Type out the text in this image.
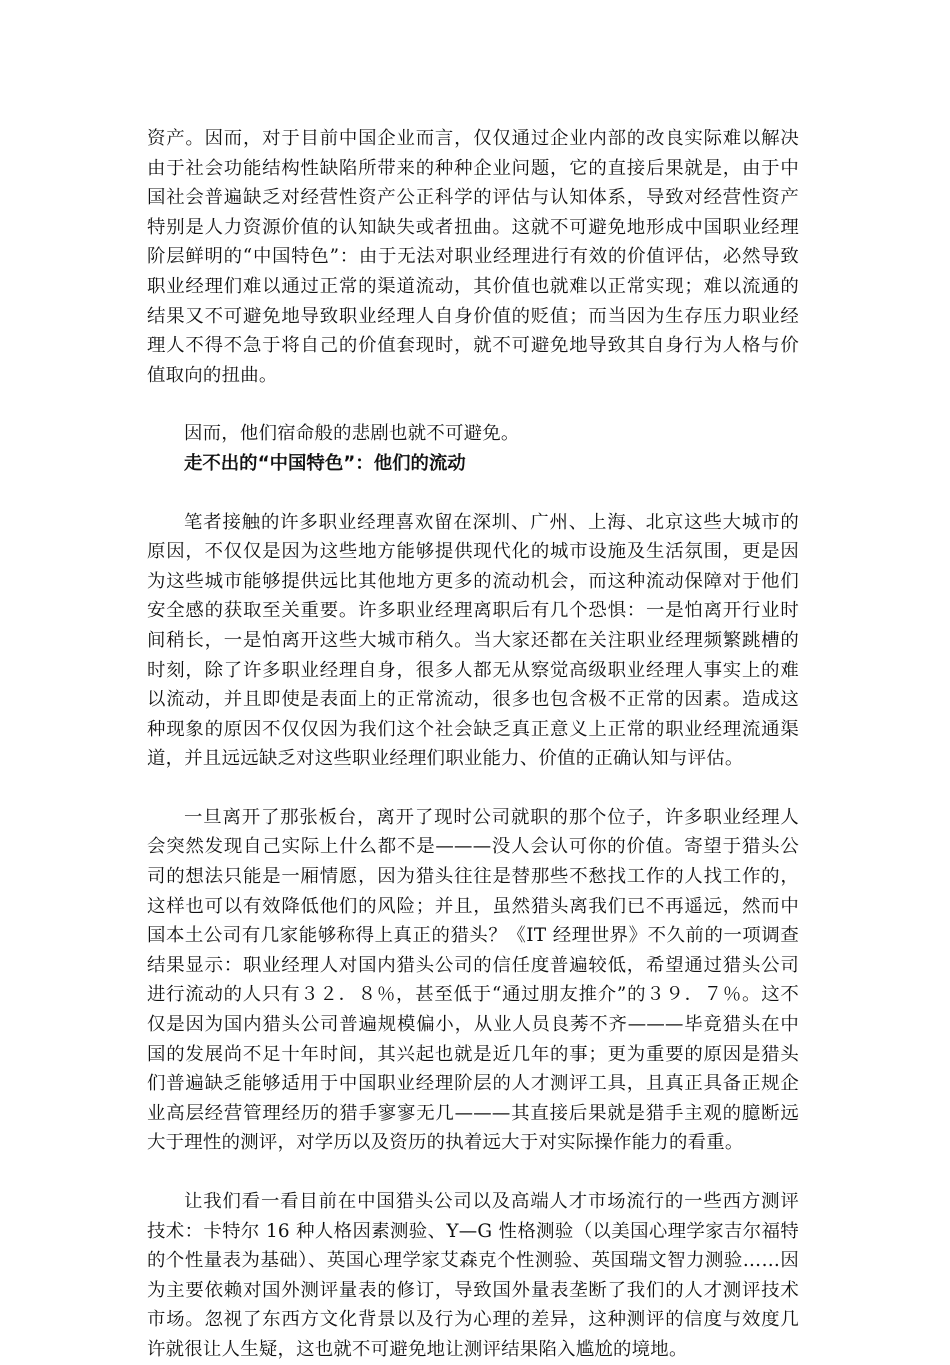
资产。因而，对于目前中国企业而言，仅仅通过企业内部的改良实际难以解决由于社会功能结构性缺陷所带来的种种企业问题，它的直接后果就是，由于中国社会普遍缺乏对经营性资产公正科学的评估与认知体系，导致对经营性资产特别是人力资源价值的认知缺失或者扭曲。这就不可避免地形成中国职业经理阶层鲜明的“中国特色”：由于无法对职业经理进行有效的价值评估，必然导致职业经理们难以通过正常的渠道流动，其价值也就难以正常实现；难以流通的结果又不可避免地导致职业经理人自身价值的贬值；而当因为生存压力职业经理人不得不急于将自己的价值套现时，就不可避免地导致其自身行为人格与价值取向的扭曲。

因而，他们宿命般的悲剧也就不可避免。

走不出的“中国特色”：他们的流动

笔者接触的许多职业经理喜欢留在深圳、广州、上海、北京这些大城市的原因，不仅仅是因为这些地方能够提供现代化的城市设施及生活氛围，更是因为这些城市能够提供远比其他地方更多的流动机会，而这种流动保障对于他们安全感的获取至关重要。许多职业经理离职后有几个恐惧：一是怕离开行业时间稍长，一是怕离开这些大城市稍久。当大家还都在关注职业经理频繁跳槽的时刻，除了许多职业经理自身，很多人都无从察觉高级职业经理人事实上的难以流动，并且即使是表面上的正常流动，很多也包含极不正常的因素。造成这种现象的原因不仅仅因为我们这个社会缺乏真正意义上正常的职业经理流通渠道，并且远远缺乏对这些职业经理们职业能力、价值的正确认知与评估。

一旦离开了那张板台，离开了现时公司就职的那个位子，许多职业经理人会突然发现自己实际上什么都不是———没人会认可你的价值。寄望于猎头公司的想法只能是一厢情愿，因为猎头往往是替那些不愁找工作的人找工作的，这样也可以有效降低他们的风险；并且，虽然猎头离我们已不再遥远，然而中国本土公司有几家能够称得上真正的猎头？《IT 经理世界》不久前的一项调查结果显示：职业经理人对国内猎头公司的信任度普遍较低，希望通过猎头公司进行流动的人只有３２．８％，甚至低于“通过朋友推介”的３９．７％。这不仅是因为国内猎头公司普遍规模偏小，从业人员良莠不齐———毕竟猎头在中国的发展尚不足十年时间，其兴起也就是近几年的事；更为重要的原因是猎头们普遍缺乏能够适用于中国职业经理阶层的人才测评工具，且真正具备正规企业高层经营管理经历的猎手寥寥无几———其直接后果就是猎手主观的臆断远大于理性的测评，对学历以及资历的执着远大于对实际操作能力的看重。

让我们看一看目前在中国猎头公司以及高端人才市场流行的一些西方测评技术：卡特尔 16 种人格因素测验、Y—G 性格测验（以美国心理学家吉尔福特的个性量表为基础）、英国心理学家艾森克个性测验、英国瑞文智力测验……因为主要依赖对国外测评量表的修订，导致国外量表垄断了我们的人才测评技术市场。忽视了东西方文化背景以及行为心理的差异，这种测评的信度与效度几许就很让人生疑，这也就不可避免地让测评结果陷入尴尬的境地。
